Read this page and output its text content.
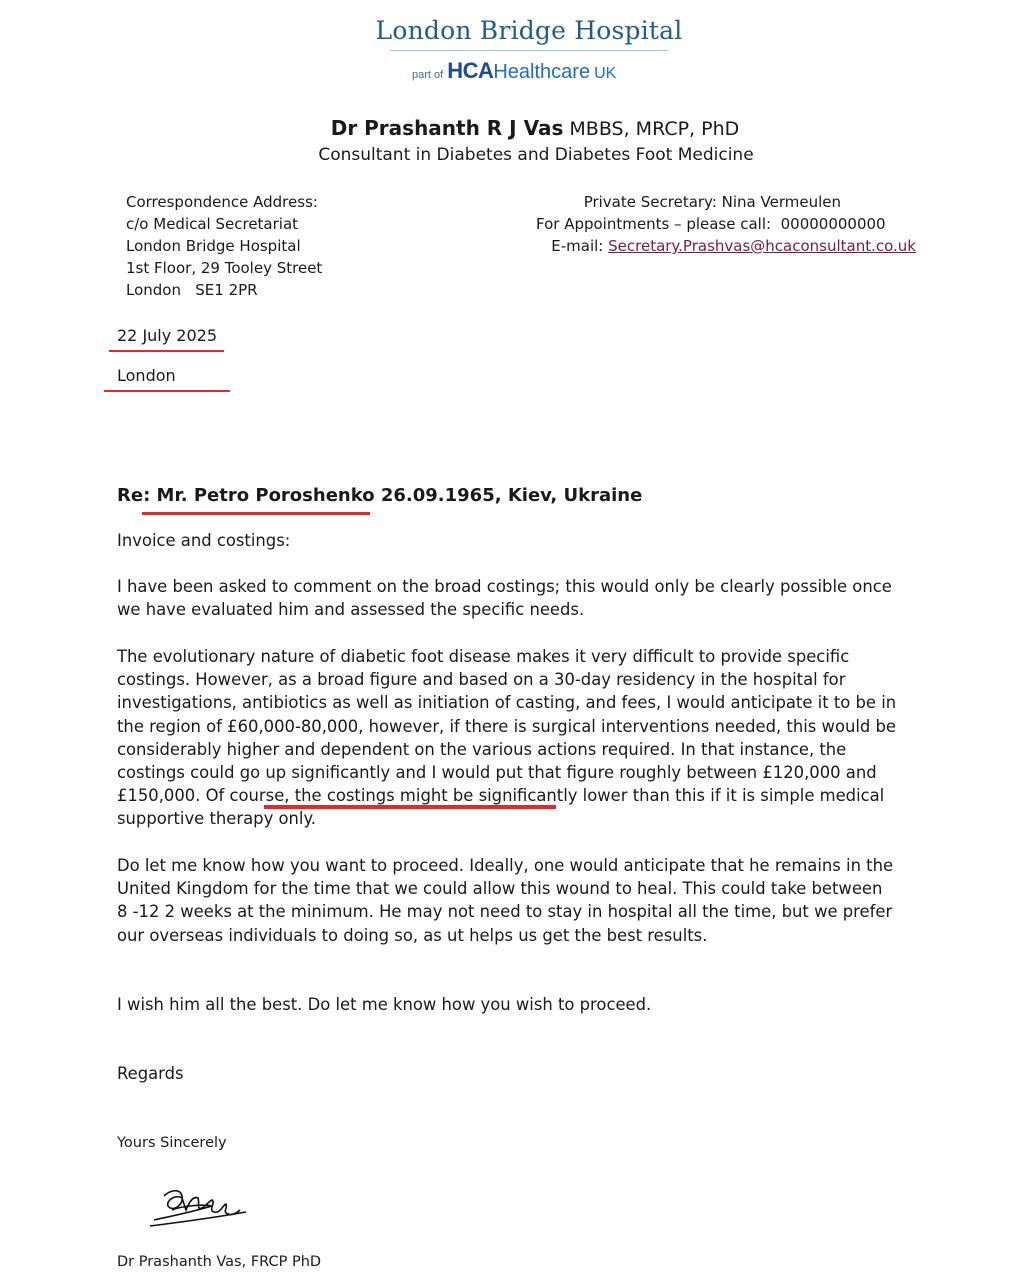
London Bridge Hospital
part of HCAHealthcare UK
Dr Prashanth R J Vas MBBS, MRCP, PhD
Consultant in Diabetes and Diabetes Foot Medicine
Correspondence Address:
c/o Medical Secretariat
London Bridge Hospital
1st Floor, 29 Tooley Street
London   SE1 2PR
Private Secretary: Nina Vermeulen
For Appointments – please call:  00000000000
E-mail: Secretary.Prashvas@hcaconsultant.co.uk
22 July 2025
London
Re: Mr. Petro Poroshenko 26.09.1965, Kiev, Ukraine
Invoice and costings:
I have been asked to comment on the broad costings; this would only be clearly possible once we have evaluated him and assessed the specific needs.
The evolutionary nature of diabetic foot disease makes it very difficult to provide specific costings. However, as a broad figure and based on a 30-day residency in the hospital for investigations, antibiotics as well as initiation of casting, and fees, I would anticipate it to be in the region of £60,000-80,000, however, if there is surgical interventions needed, this would be considerably higher and dependent on the various actions required. In that instance, the costings could go up significantly and I would put that figure roughly between £120,000 and £150,000. Of course, the costings might be significantly lower than this if it is simple medical supportive therapy only.
Do let me know how you want to proceed. Ideally, one would anticipate that he remains in the United Kingdom for the time that we could allow this wound to heal. This could take between 8 -12 2 weeks at the minimum. He may not need to stay in hospital all the time, but we prefer our overseas individuals to doing so, as ut helps us get the best results.
I wish him all the best. Do let me know how you wish to proceed.
Regards
Yours Sincerely
Dr Prashanth Vas, FRCP PhD
